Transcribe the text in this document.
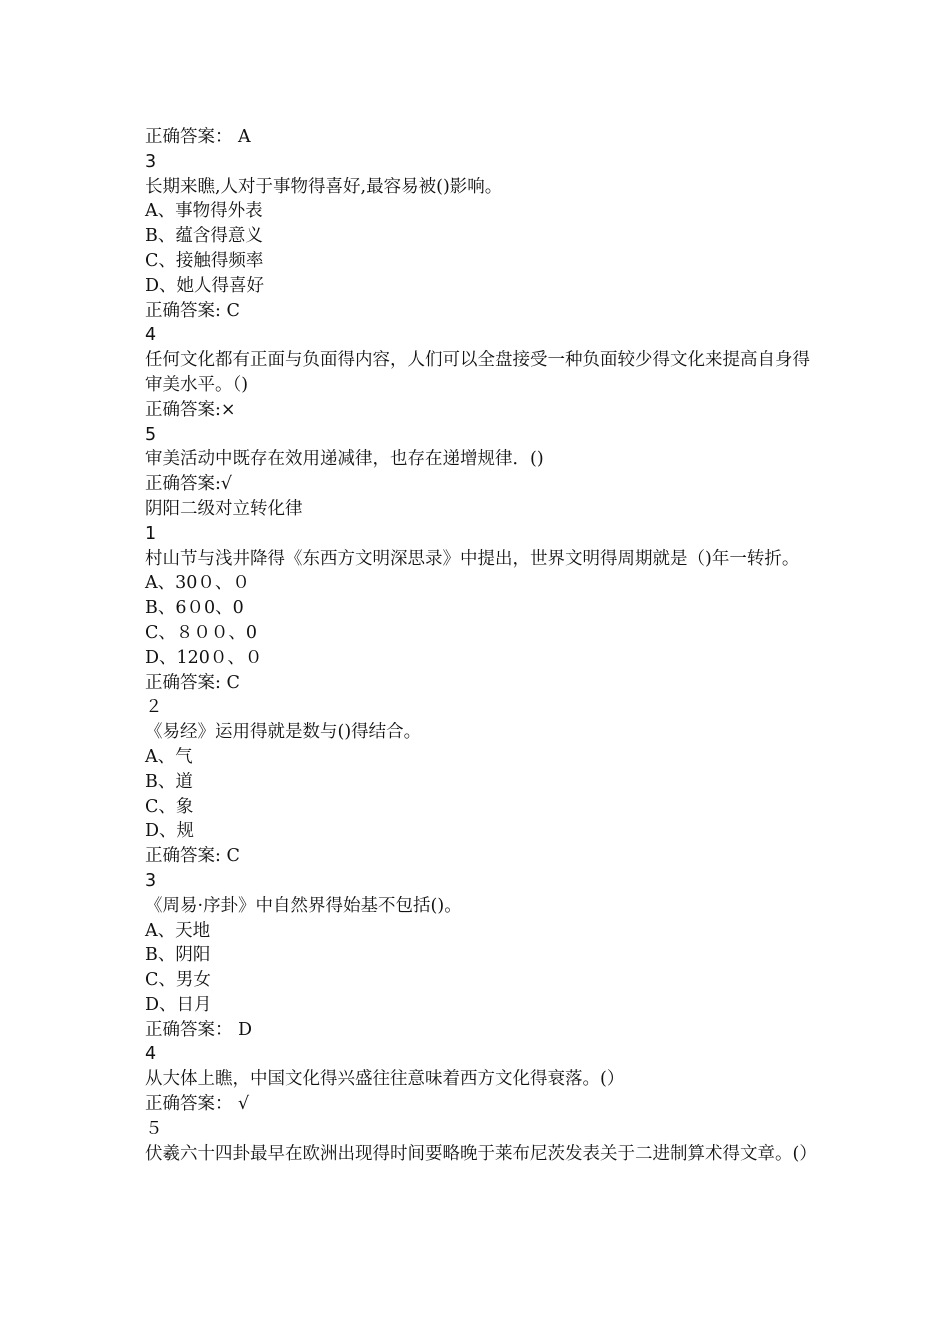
正确答案： A
3
长期来瞧,人对于事物得喜好,最容易被()影响。
A、事物得外表
B、蕴含得意义
C、接触得频率
D、她人得喜好
正确答案: C
4
任何文化都有正面与负面得内容，人们可以全盘接受一种负面较少得文化来提高自身得审美水平。（)
正确答案:×
5
审美活动中既存在效用递减律，也存在递增规律．()
正确答案:√
阴阳二级对立转化律
1
村山节与浅井降得《东西方文明深思录》中提出，世界文明得周期就是（)年一转折。
A、30０、０
B、6０0、0
C、８００、0
D、120０、０
正确答案: C
２
《易经》运用得就是数与()得结合。
A、气
B、道
C、象
D、规
正确答案: C
3
《周易·序卦》中自然界得始基不包括()。
A、天地
B、阴阳
C、男女
D、日月
正确答案： D
4
从大体上瞧，中国文化得兴盛往往意味着西方文化得衰落。(）
正确答案： √
５
伏羲六十四卦最早在欧洲出现得时间要略晚于莱布尼茨发表关于二进制算术得文章。(）
